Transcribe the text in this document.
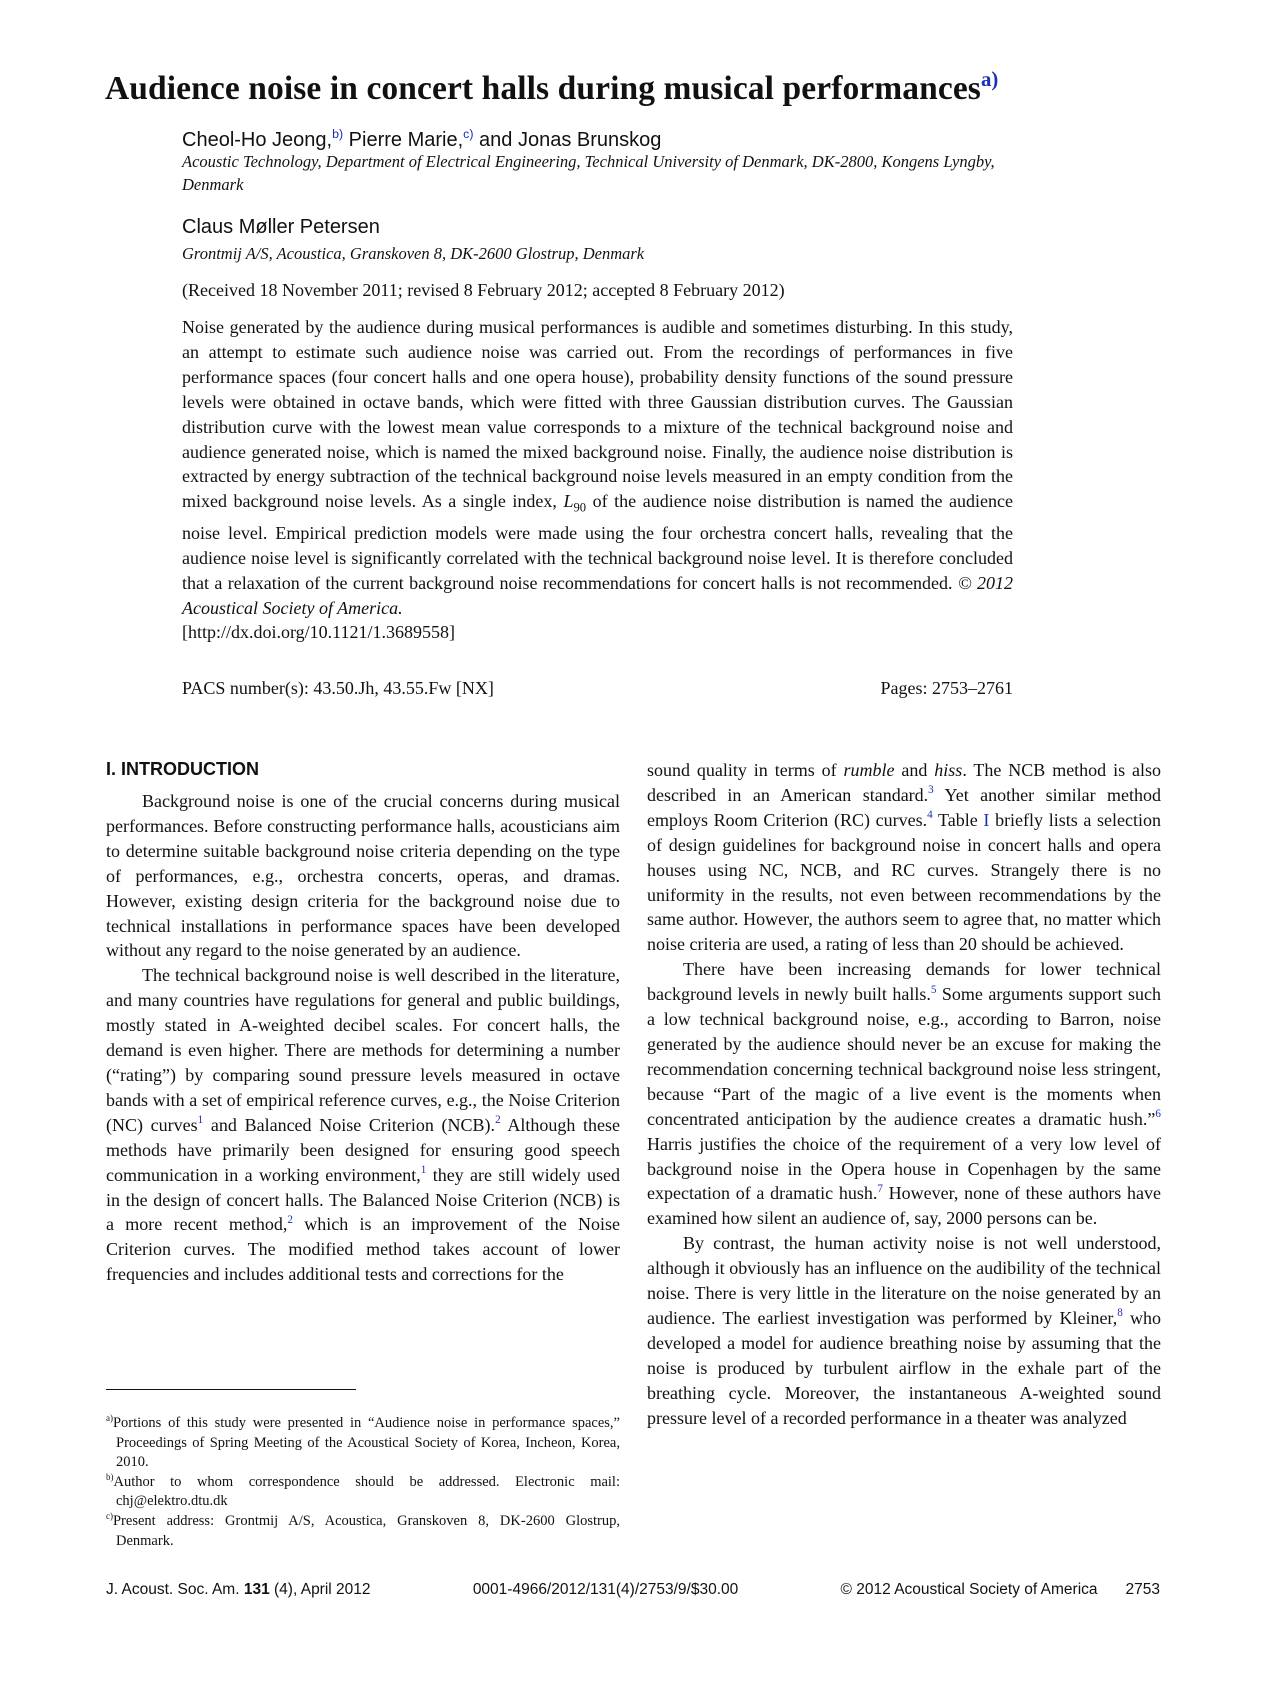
Audience noise in concert halls during musical performances$^{a)}$
Cheol-Ho Jeong,$^{b)}$ Pierre Marie,$^{c)}$ and Jonas Brunskog
Acoustic Technology, Department of Electrical Engineering, Technical University of Denmark, DK-2800, Kongens Lyngby, Denmark
Claus Møller Petersen
Grontmij A/S, Acoustica, Granskoven 8, DK-2600 Glostrup, Denmark
(Received 18 November 2011; revised 8 February 2012; accepted 8 February 2012)

Noise generated by the audience during musical performances is audible and sometimes disturbing. In this study, an attempt to estimate such audience noise was carried out. From the recordings of performances in five performance spaces (four concert halls and one opera house), probability density functions of the sound pressure levels were obtained in octave bands, which were fitted with three Gaussian distribution curves. The Gaussian distribution curve with the lowest mean value corresponds to a mixture of the technical background noise and audience generated noise, which is named the mixed background noise. Finally, the audience noise distribution is extracted by energy subtraction of the technical background noise levels measured in an empty condition from the mixed background noise levels. As a single index, $L_{90}$ of the audience noise distribution is named the audience noise level. Empirical prediction models were made using the four orchestra concert halls, revealing that the audience noise level is significantly correlated with the technical background noise level. It is therefore concluded that a relaxation of the current background noise recommendations for concert halls is not recommended. © 2012 Acoustical Society of America.
[http://dx.doi.org/10.1121/1.3689558]

PACS number(s): 43.50.Jh, 43.55.Fw [NX]	Pages: 2753–2761
I. INTRODUCTION

Background noise is one of the crucial concerns during musical performances. Before constructing performance halls, acousticians aim to determine suitable background noise criteria depending on the type of performances, e.g., orchestra concerts, operas, and dramas. However, existing design criteria for the background noise due to technical installations in performance spaces have been developed without any regard to the noise generated by an audience.

The technical background noise is well described in the literature, and many countries have regulations for general and public buildings, mostly stated in A-weighted decibel scales. For concert halls, the demand is even higher. There are methods for determining a number (“rating”) by comparing sound pressure levels measured in octave bands with a set of empirical reference curves, e.g., the Noise Criterion (NC) curves$^1$ and Balanced Noise Criterion (NCB).$^2$ Although these methods have primarily been designed for ensuring good speech communication in a working environment,$^1$ they are still widely used in the design of concert halls. The Balanced Noise Criterion (NCB) is a more recent method,$^2$ which is an improvement of the Noise Criterion curves. The modified method takes account of lower frequencies and includes additional tests and corrections for the

sound quality in terms of rumble and hiss. The NCB method is also described in an American standard.$^3$ Yet another similar method employs Room Criterion (RC) curves.$^4$ Table I briefly lists a selection of design guidelines for background noise in concert halls and opera houses using NC, NCB, and RC curves. Strangely there is no uniformity in the results, not even between recommendations by the same author. However, the authors seem to agree that, no matter which noise criteria are used, a rating of less than 20 should be achieved.

There have been increasing demands for lower technical background levels in newly built halls.$^5$ Some arguments support such a low technical background noise, e.g., according to Barron, noise generated by the audience should never be an excuse for making the recommendation concerning technical background noise less stringent, because “Part of the magic of a live event is the moments when concentrated anticipation by the audience creates a dramatic hush.”$^6$ Harris justifies the choice of the requirement of a very low level of background noise in the Opera house in Copenhagen by the same expectation of a dramatic hush.$^7$ However, none of these authors have examined how silent an audience of, say, 2000 persons can be.

By contrast, the human activity noise is not well understood, although it obviously has an influence on the audibility of the technical noise. There is very little in the literature on the noise generated by an audience. The earliest investigation was performed by Kleiner,$^8$ who developed a model for audience breathing noise by assuming that the noise is produced by turbulent airflow in the exhale part of the breathing cycle. Moreover, the instantaneous A-weighted sound pressure level of a recorded performance in a theater was analyzed

$^{a)}$Portions of this study were presented in “Audience noise in performance spaces,” Proceedings of Spring Meeting of the Acoustical Society of Korea, Incheon, Korea, 2010.

$^{b)}$Author to whom correspondence should be addressed. Electronic mail: chj@elektro.dtu.dk

$^{c)}$Present address: Grontmij A/S, Acoustica, Granskoven 8, DK-2600 Glostrup, Denmark.

J. Acoust. Soc. Am. 131 (4), April 2012	0001-4966/2012/131(4)/2753/9/$30.00	© 2012 Acoustical Society of America 2753
